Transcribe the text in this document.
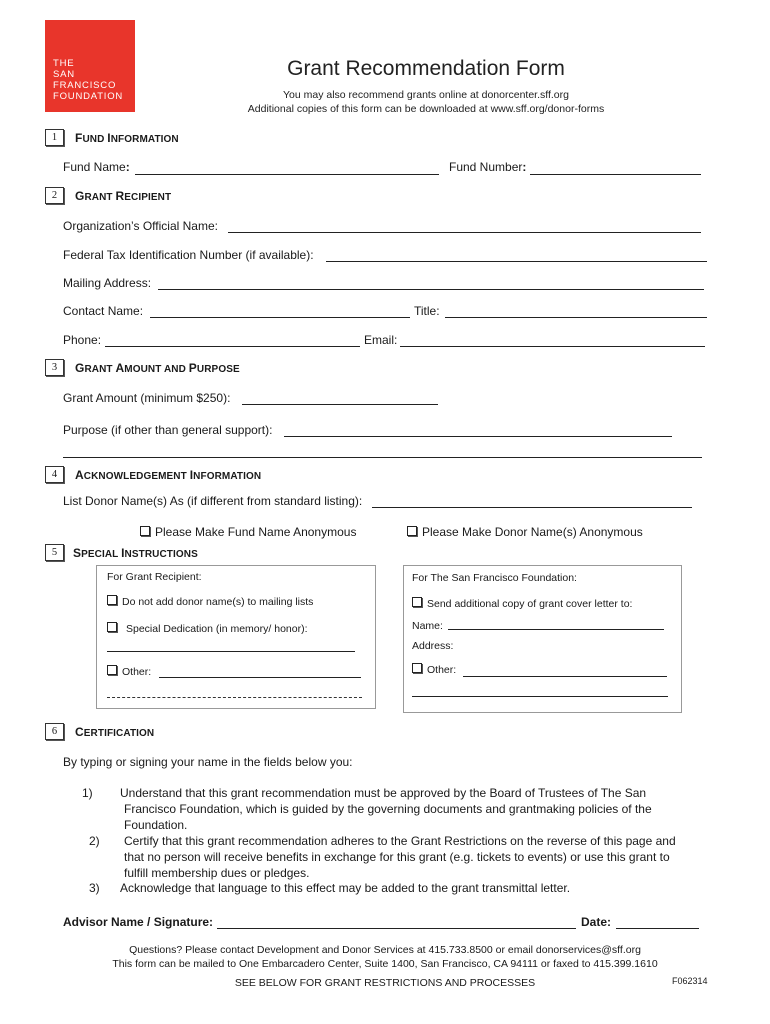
THE
SAN
FRANCISCO
FOUNDATION
Grant Recommendation Form
You may also recommend grants online at donorcenter.sff.org
Additional copies of this form can be downloaded at www.sff.org/donor-forms
1	FUND INFORMATION
Fund Name:	Fund Number:
2	GRANT RECIPIENT
Organization’s Official Name:
Federal Tax Identification Number (if available):
Mailing Address:
Contact Name:	Title:
Phone:	Email:
3	GRANT AMOUNT AND PURPOSE
Grant Amount (minimum $250):
Purpose (if other than general support):
4	ACKNOWLEDGEMENT INFORMATION
List Donor Name(s) As (if different from standard listing):
Please Make Fund Name Anonymous	Please Make Donor Name(s) Anonymous
5	SPECIAL INSTRUCTIONS
For Grant Recipient:
Do not add donor name(s) to mailing lists
Special Dedication (in memory/ honor):
Other:
For The San Francisco Foundation:
Send additional copy of grant cover letter to:
Name:
Address:
Other:
6	CERTIFICATION
By typing or signing your name in the fields below you:
1) Understand that this grant recommendation must be approved by the Board of Trustees of The San
Francisco Foundation, which is guided by the governing documents and grantmaking policies of the
Foundation.
2) Certify that this grant recommendation adheres to the Grant Restrictions on the reverse of this page and
that no person will receive benefits in exchange for this grant (e.g. tickets to events) or use this grant to
fulfill membership dues or pledges.
3) Acknowledge that language to this effect may be added to the grant transmittal letter.
Advisor Name / Signature:	Date:
Questions? Please contact Development and Donor Services at 415.733.8500 or email donorservices@sff.org
This form can be mailed to One Embarcadero Center, Suite 1400, San Francisco, CA 94111 or faxed to 415.399.1610
SEE BELOW FOR GRANT RESTRICTIONS AND PROCESSES	F062314
